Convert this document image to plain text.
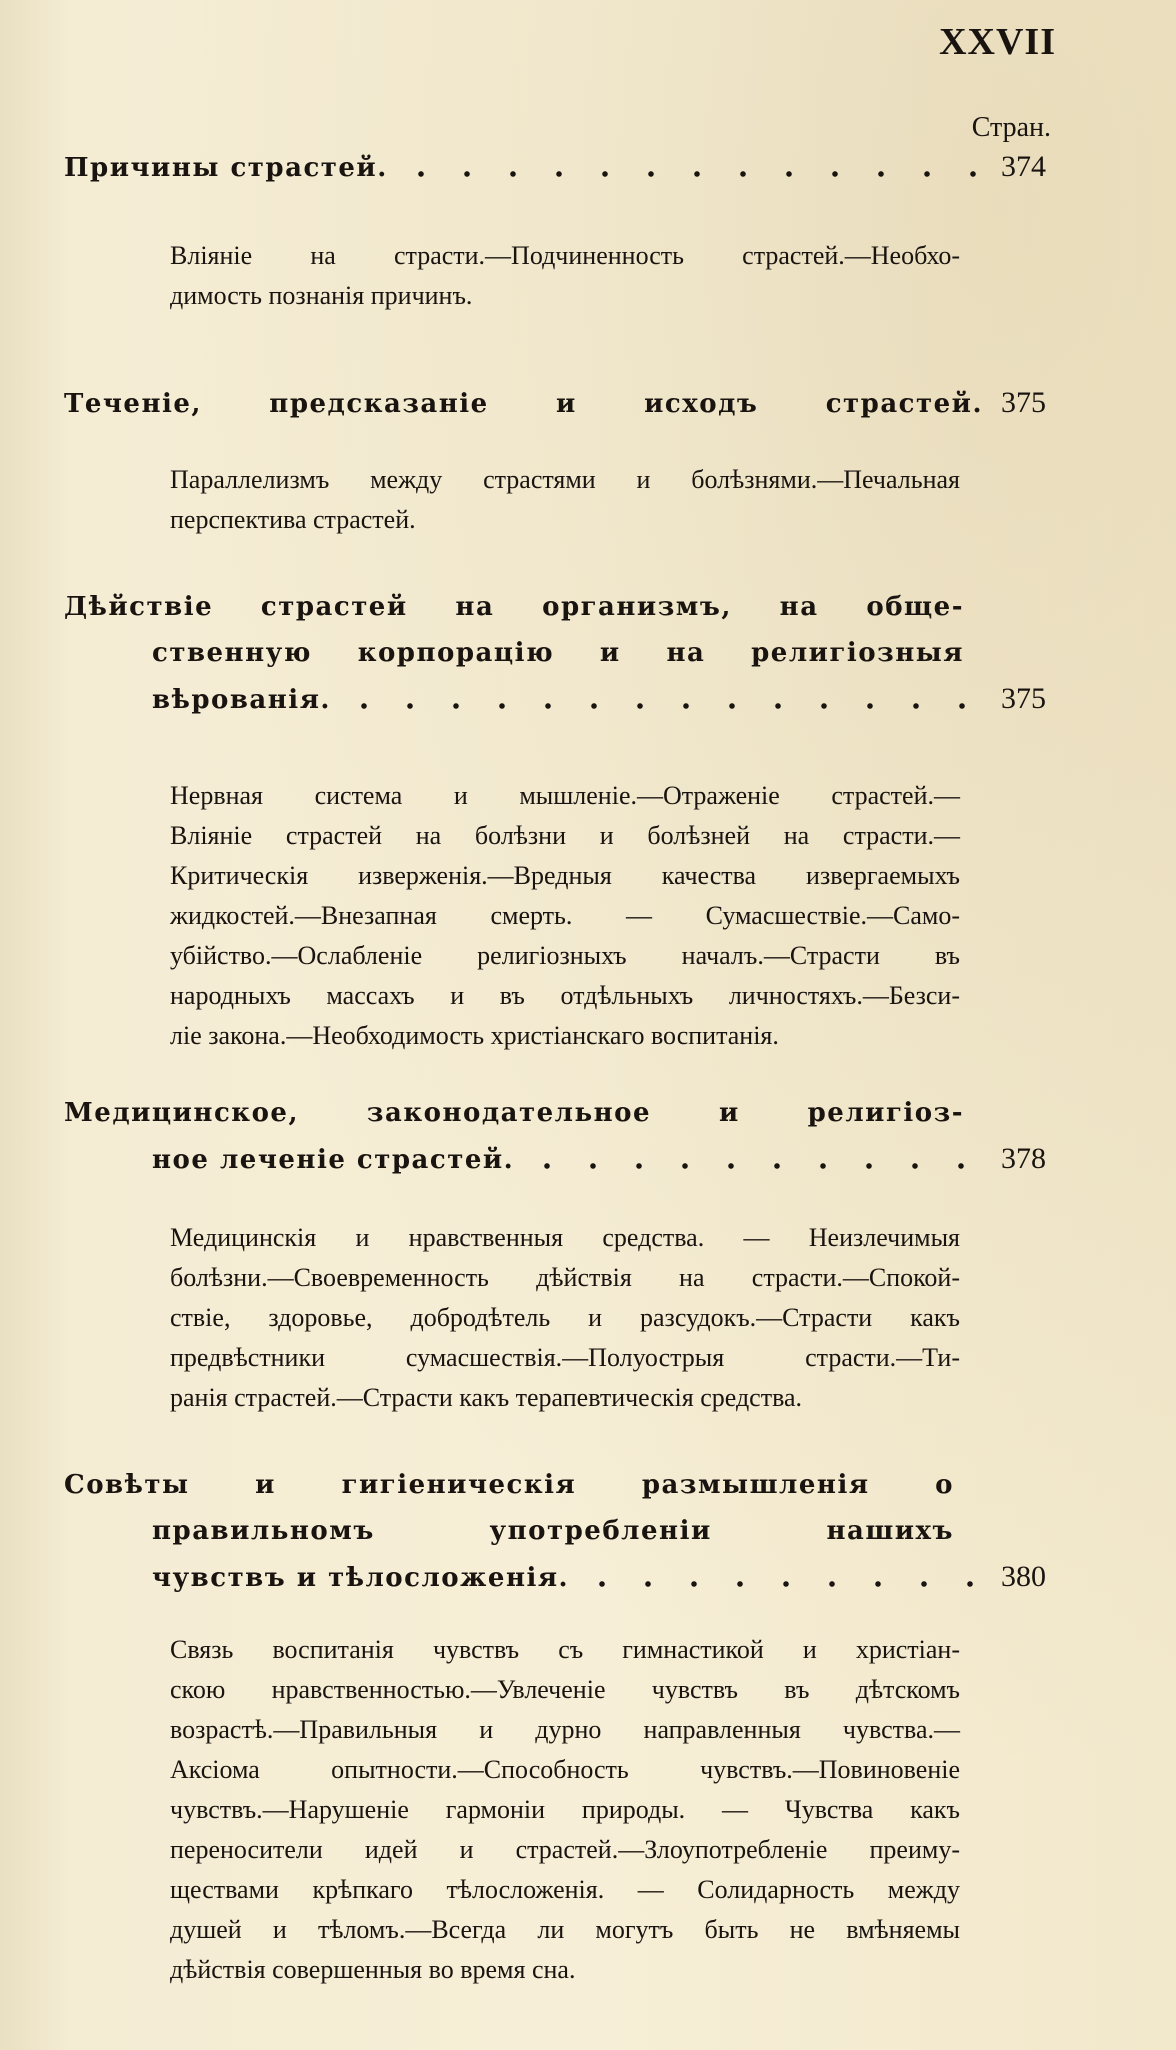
XXVII
Стран.
Причины страстей.	374
Вліяніе на страсти.—Подчиненность страстей.—Необхо-
димость познанія причинъ.
Теченіе, предсказаніе и исходъ страстей. 375
Параллелизмъ между страстями и болѣзнями.—Печальная
перспектива страстей.
Дѣйствіе страстей на организмъ, на обще-
ственную корпорацію и на религіозныя
вѣрованія.	375
Нервная система и мышленіе.—Отраженіе страстей.—
Вліяніе страстей на болѣзни и болѣзней на страсти.—
Критическія изверженія.—Вредныя качества извергаемыхъ
жидкостей.—Внезапная смерть. — Сумасшествіе.—Само-
убійство.—Ослабленіе религіозныхъ началъ.—Страсти въ
народныхъ массахъ и въ отдѣльныхъ личностяхъ.—Безси-
ліе закона.—Необходимость христіанскаго воспитанія.
Медицинское, законодательное и религіоз-
ное леченіе страстей.	378
Медицинскія и нравственныя средства. — Неизлечимыя
болѣзни.—Своевременность дѣйствія на страсти.—Спокой-
ствіе, здоровье, добродѣтель и разсудокъ.—Страсти какъ
предвѣстники сумасшествія.—Полуострыя страсти.—Ти-
ранія страстей.—Страсти какъ терапевтическія средства.
Совѣты и гигіеническія размышленія о
правильномъ употребленіи нашихъ
чувствъ и тѣлосложенія.	380
Связь воспитанія чувствъ съ гимнастикой и христіан-
скою нравственностью.—Увлеченіе чувствъ въ дѣтскомъ
возрастѣ.—Правильныя и дурно направленныя чувства.—
Аксіома опытности.—Способность чувствъ.—Повиновеніе
чувствъ.—Нарушеніе гармоніи природы. — Чувства какъ
переносители идей и страстей.—Злоупотребленіе преиму-
ществами крѣпкаго тѣлосложенія. — Солидарность между
душей и тѣломъ.—Всегда ли могутъ быть не вмѣняемы
дѣйствія совершенныя во время сна.
